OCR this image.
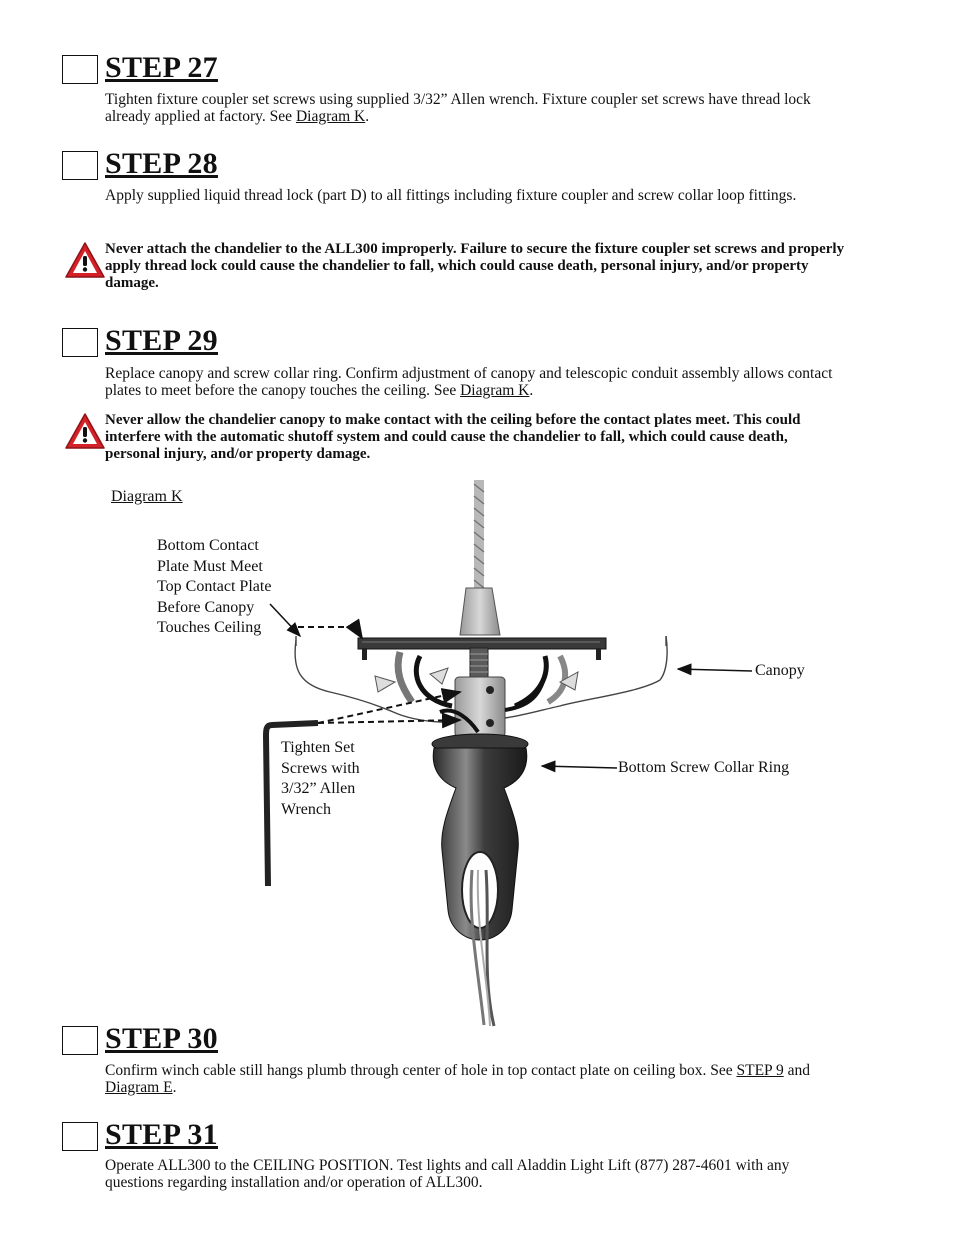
STEP 27

Tighten fixture coupler set screws using supplied 3/32” Allen wrench. Fixture coupler set screws have thread lock already applied at factory. See Diagram K.

STEP 28

Apply supplied liquid thread lock (part D) to all fittings including fixture coupler and screw collar loop fittings.

Never attach the chandelier to the ALL300 improperly. Failure to secure the fixture coupler set screws and properly apply thread lock could cause the chandelier to fall, which could cause death, personal injury, and/or property damage.

STEP 29

Replace canopy and screw collar ring. Confirm adjustment of canopy and telescopic conduit assembly allows contact plates to meet before the canopy touches the ceiling. See Diagram K.

Never allow the chandelier canopy to make contact with the ceiling before the contact plates meet. This could interfere with the automatic shutoff system and could cause the chandelier to fall, which could cause death, personal injury, and/or property damage.

Diagram K

Bottom Contact
Plate Must Meet
Top Contact Plate
Before Canopy
Touches Ceiling
Tighten Set
Screws with
3/32” Allen
Wrench

Canopy

Bottom Screw Collar Ring

STEP 30

Confirm winch cable still hangs plumb through center of hole in top contact plate on ceiling box. See STEP 9 and Diagram E.

STEP 31

Operate ALL300 to the CEILING POSITION. Test lights and call Aladdin Light Lift (877) 287-4601 with any questions regarding installation and/or operation of ALL300.
